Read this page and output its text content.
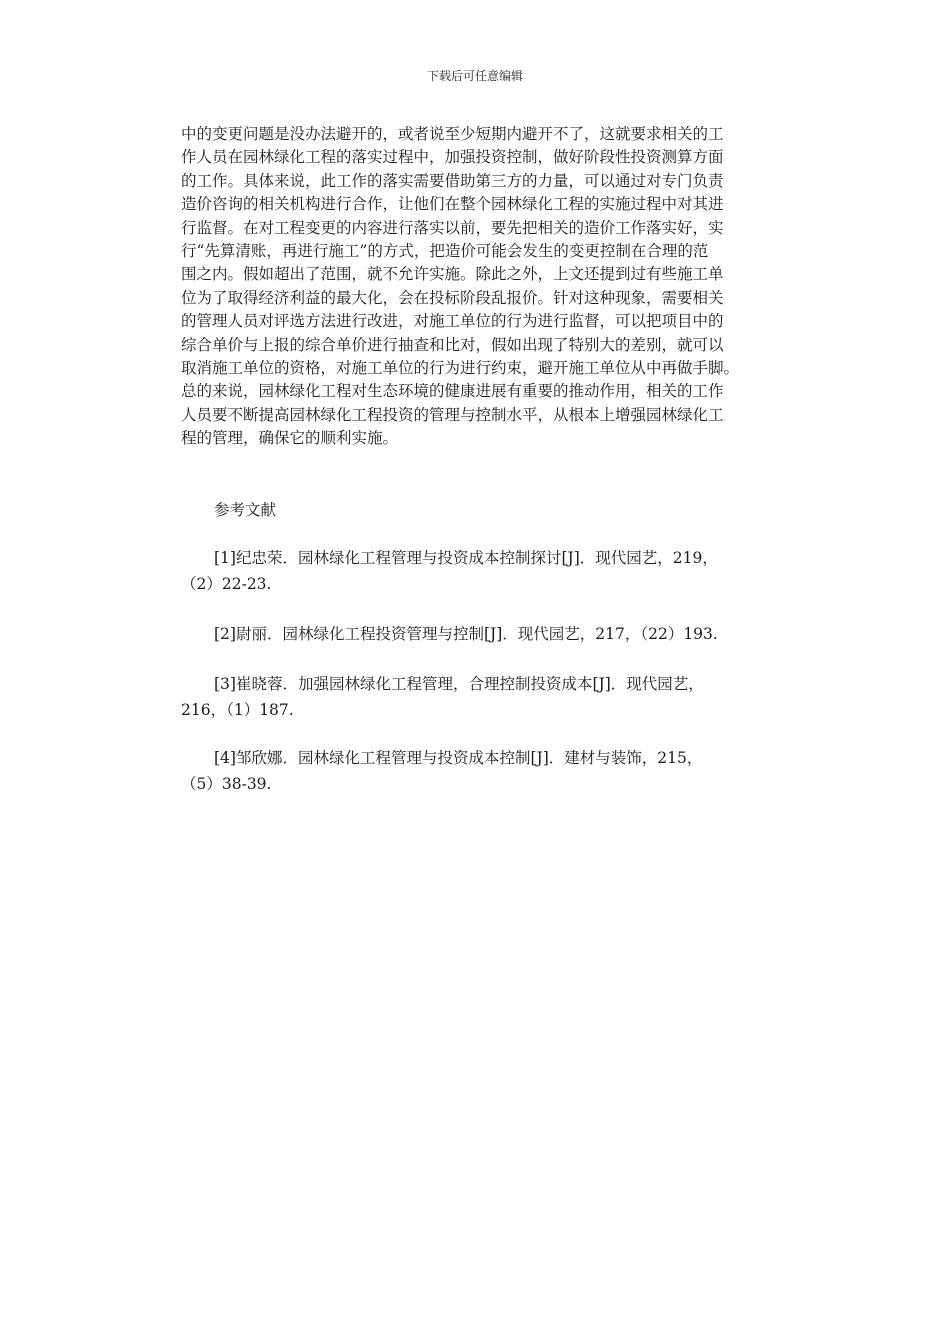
下载后可任意编辑
中的变更问题是没办法避开的，或者说至少短期内避开不了，这就要求相关的工
作人员在园林绿化工程的落实过程中，加强投资控制，做好阶段性投资测算方面
的工作。具体来说，此工作的落实需要借助第三方的力量，可以通过对专门负责
造价咨询的相关机构进行合作，让他们在整个园林绿化工程的实施过程中对其进
行监督。在对工程变更的内容进行落实以前，要先把相关的造价工作落实好，实
行“先算清账，再进行施工”的方式，把造价可能会发生的变更控制在合理的范
围之内。假如超出了范围，就不允许实施。除此之外，上文还提到过有些施工单
位为了取得经济利益的最大化，会在投标阶段乱报价。针对这种现象，需要相关
的管理人员对评选方法进行改进，对施工单位的行为进行监督，可以把项目中的
综合单价与上报的综合单价进行抽查和比对，假如出现了特别大的差别，就可以
取消施工单位的资格，对施工单位的行为进行约束，避开施工单位从中再做手脚。
总的来说，园林绿化工程对生态环境的健康进展有重要的推动作用，相关的工作
人员要不断提高园林绿化工程投资的管理与控制水平，从根本上增强园林绿化工
程的管理，确保它的顺利实施。
参考文献
[1]纪忠荣．园林绿化工程管理与投资成本控制探讨[J]．现代园艺，219，
（2）22-23.
[2]尉丽．园林绿化工程投资管理与控制[J]．现代园艺，217，（22）193.
[3]崔晓蓉．加强园林绿化工程管理，合理控制投资成本[J]．现代园艺，
216，（1）187.
[4]邹欣娜．园林绿化工程管理与投资成本控制[J]．建材与装饰，215，
（5）38-39.
